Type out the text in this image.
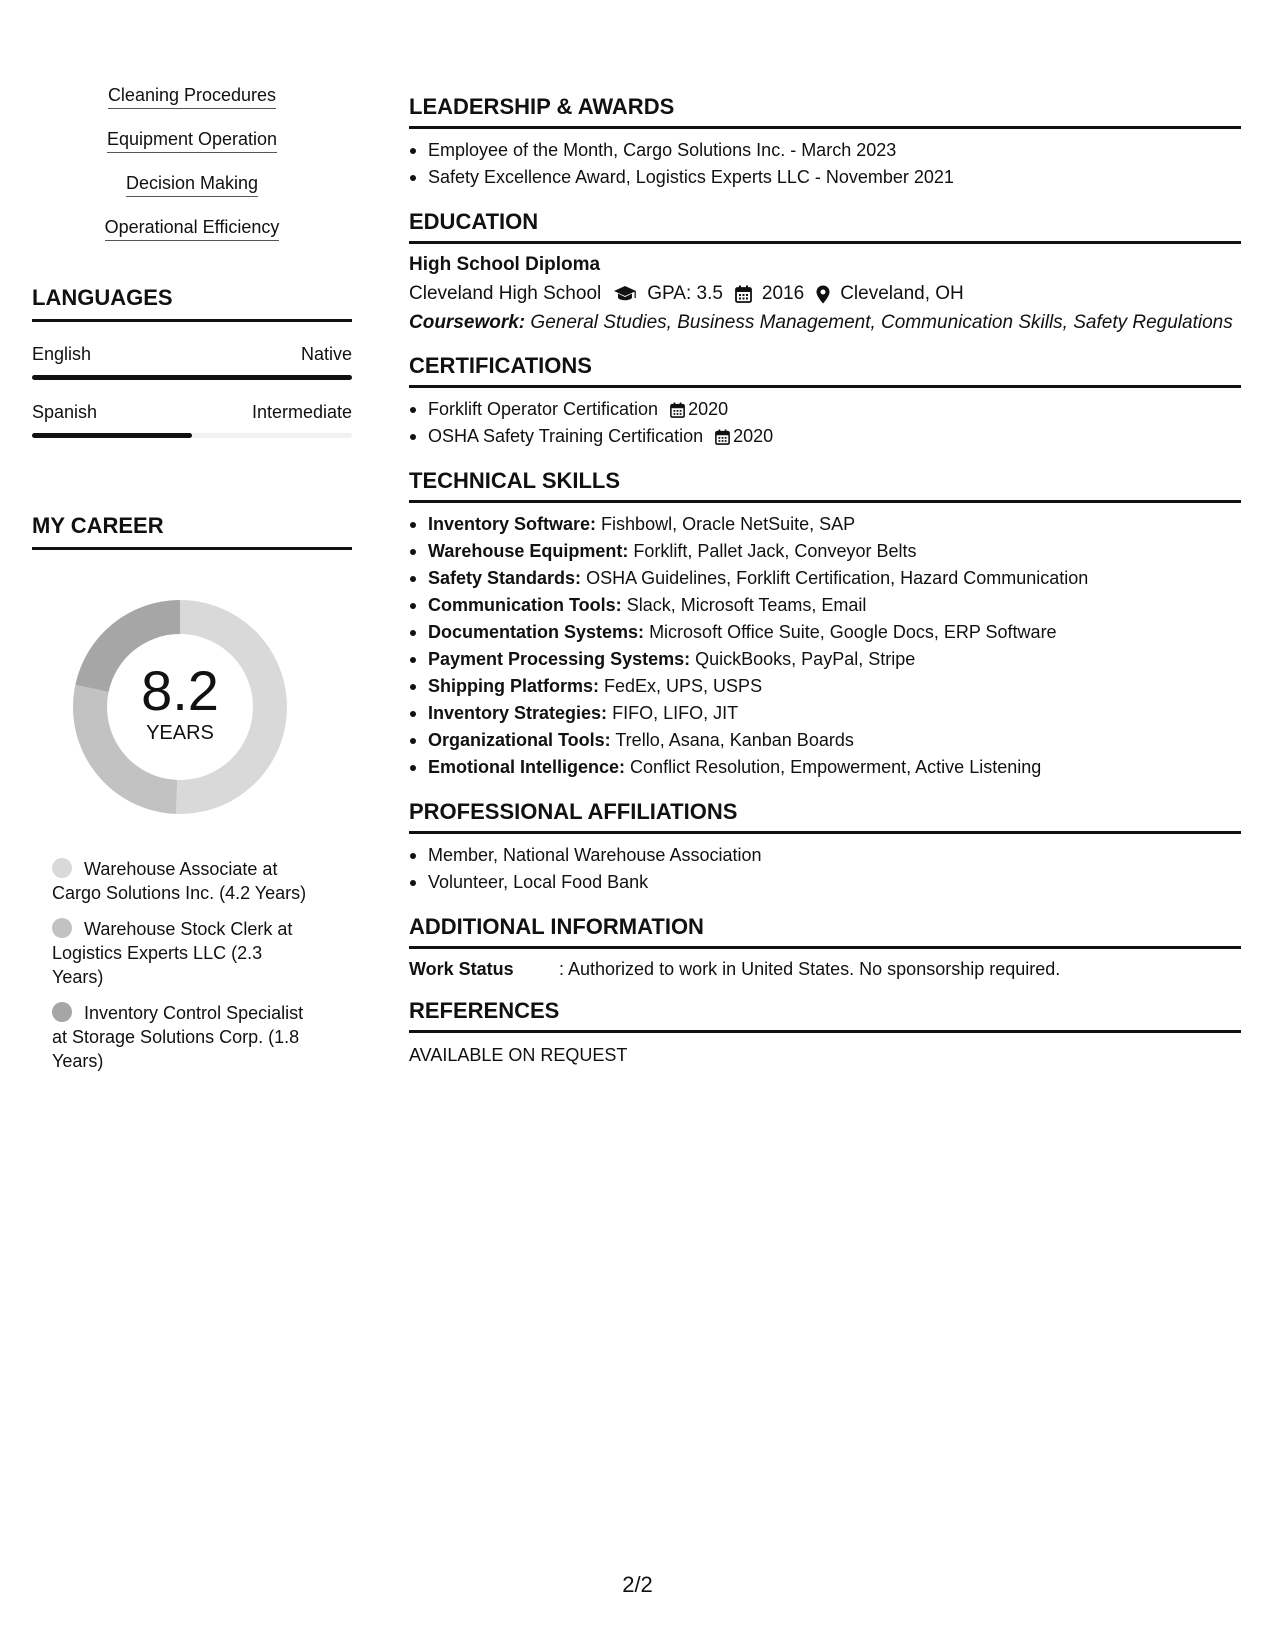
Cleaning Procedures
Equipment Operation
Decision Making
Operational Efficiency
LANGUAGES
English	Native
Spanish	Intermediate
MY CAREER
8.2
YEARS
Warehouse Associate at Cargo Solutions Inc. (4.2 Years)
Warehouse Stock Clerk at Logistics Experts LLC (2.3 Years)
Inventory Control Specialist at Storage Solutions Corp. (1.8 Years)
LEADERSHIP & AWARDS
Employee of the Month, Cargo Solutions Inc. - March 2023
Safety Excellence Award, Logistics Experts LLC - November 2021
EDUCATION
High School Diploma
Cleveland High School GPA: 3.5 2016 Cleveland, OH
Coursework: General Studies, Business Management, Communication Skills, Safety Regulations
CERTIFICATIONS
Forklift Operator Certification 2020
OSHA Safety Training Certification 2020
TECHNICAL SKILLS
Inventory Software: Fishbowl, Oracle NetSuite, SAP
Warehouse Equipment: Forklift, Pallet Jack, Conveyor Belts
Safety Standards: OSHA Guidelines, Forklift Certification, Hazard Communication
Communication Tools: Slack, Microsoft Teams, Email
Documentation Systems: Microsoft Office Suite, Google Docs, ERP Software
Payment Processing Systems: QuickBooks, PayPal, Stripe
Shipping Platforms: FedEx, UPS, USPS
Inventory Strategies: FIFO, LIFO, JIT
Organizational Tools: Trello, Asana, Kanban Boards
Emotional Intelligence: Conflict Resolution, Empowerment, Active Listening
PROFESSIONAL AFFILIATIONS
Member, National Warehouse Association
Volunteer, Local Food Bank
ADDITIONAL INFORMATION
Work Status	: Authorized to work in United States. No sponsorship required.
REFERENCES
AVAILABLE ON REQUEST
2/2
